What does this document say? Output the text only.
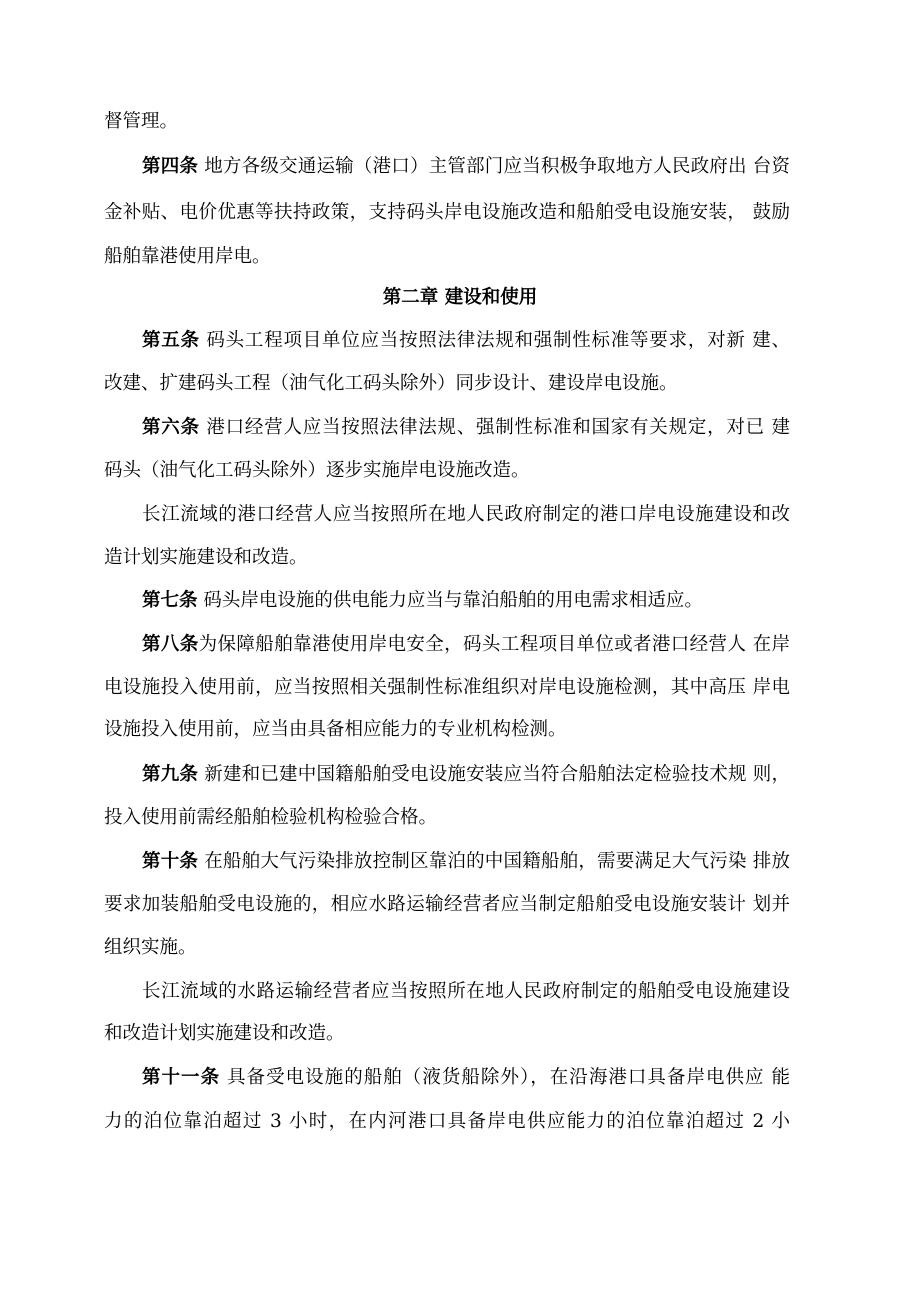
督管理。
第四条 地方各级交通运输（港口）主管部门应当积极争取地方人民政府出 台资
金补贴、电价优惠等扶持政策，支持码头岸电设施改造和船舶受电设施安装， 鼓励
船舶靠港使用岸电。
第二章 建设和使用
第五条 码头工程项目单位应当按照法律法规和强制性标准等要求，对新 建、
改建、扩建码头工程（油气化工码头除外）同步设计、建设岸电设施。
第六条 港口经营人应当按照法律法规、强制性标准和国家有关规定，对已 建
码头（油气化工码头除外）逐步实施岸电设施改造。
长江流域的港口经营人应当按照所在地人民政府制定的港口岸电设施建设和改
造计划实施建设和改造。
第七条 码头岸电设施的供电能力应当与靠泊船舶的用电需求相适应。
第八条为保障船舶靠港使用岸电安全，码头工程项目单位或者港口经营人 在岸
电设施投入使用前，应当按照相关强制性标准组织对岸电设施检测，其中高压 岸电
设施投入使用前，应当由具备相应能力的专业机构检测。
第九条 新建和已建中国籍船舶受电设施安装应当符合船舶法定检验技术规 则，
投入使用前需经船舶检验机构检验合格。
第十条 在船舶大气污染排放控制区靠泊的中国籍船舶，需要满足大气污染 排放
要求加装船舶受电设施的，相应水路运输经营者应当制定船舶受电设施安装计 划并
组织实施。
长江流域的水路运输经营者应当按照所在地人民政府制定的船舶受电设施建设
和改造计划实施建设和改造。
第十一条 具备受电设施的船舶（液货船除外），在沿海港口具备岸电供应 能
力的泊位靠泊超过 3 小时，在内河港口具备岸电供应能力的泊位靠泊超过 2 小
